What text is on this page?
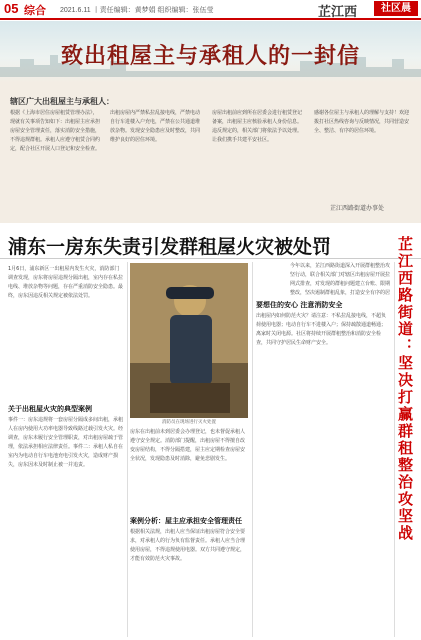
05 综合 2021.6.11 丨责任编辑：黄梦娟 组织编辑：张伍莹	芷江西	社区晨
致出租屋主与承租人的一封信
辖区广大出租屋主与承租人：
根据《上海市居住房屋租赁管理办法》，现就有关事项告知如下：出租屋主应承担房屋安全管理责任，落实消防安全措施，不得违规群租。承租人应遵守租赁合同约定，配合社区开展人口登记和安全检查。
出租房屋内严禁私拉乱接电线，严禁电动自行车进楼入户充电，严禁在公共通道堆放杂物。发现安全隐患应及时整改，共同维护良好的居住环境。
房屋出租前应到所在居委会进行租赁登记备案，出租屋主应核验承租人身份信息。违反规定的，相关部门将依法予以处理。让我们携手共建平安社区。
感谢各位屋主与承租人的理解与支持！欢迎拨打社区热线咨询与反映情况，共同营造安全、整洁、有序的居住环境。
芷江西路街道办事处
浦东一房东失责引发群租屋火灾被处罚	芷江西路街道：坚决打赢群租整治攻坚战
1月6日，浦东新区一出租屋内发生火灾，消防部门调查发现，房东将房屋违规分隔出租，室内存在私拉电线、堆放杂物等问题，存在严重消防安全隐患。最终，房东因违反相关规定被依法处罚。
关于出租屋火灾的典型案例
事件一：房东违规将一套房屋分隔成多间出租，承租人在房内使用大功率电器导致线路过载引发火灾。经调查，房东未履行安全管理职责，对出租房屋疏于管理，依法承担相应法律责任。事件二：承租人私自在室内为电动自行车电池充电引发火灾，造成财产损失，房东因未及时制止被一并追责。
消防员在现场进行灭火处置
房东在出租前未到居委会办理登记，也未督促承租人遵守安全规定。消防部门提醒，出租房屋不得擅自改变房屋结构，不得分隔搭建，屋主应定期检查房屋安全状况，发现隐患及时消除，避免悲剧发生。
案例分析：屋主应承担安全管理责任
根据相关法规，出租人应当保证出租房屋符合安全要求，对承租人的行为负有监督责任。承租人应当合理使用房屋，不得违规使用电器。双方共同遵守规定，才能有效防范火灾事故。
要想住的安心 注意消防安全
出租屋内如何防范火灾？请注意：不私拉乱接电线，不超负荷使用电器；电动自行车不进楼入户；保持疏散通道畅通；离家时关闭电源。社区将持续开展群租整治和消防安全检查，共同守护居民生命财产安全。
今年以来，芷江西路街道深入开展群租整治攻坚行动，联合相关部门对辖区出租房屋开展拉网式排查，对发现的群租问题建立台账、限期整改，坚决遏制群租乱象，打造安全有序的居
